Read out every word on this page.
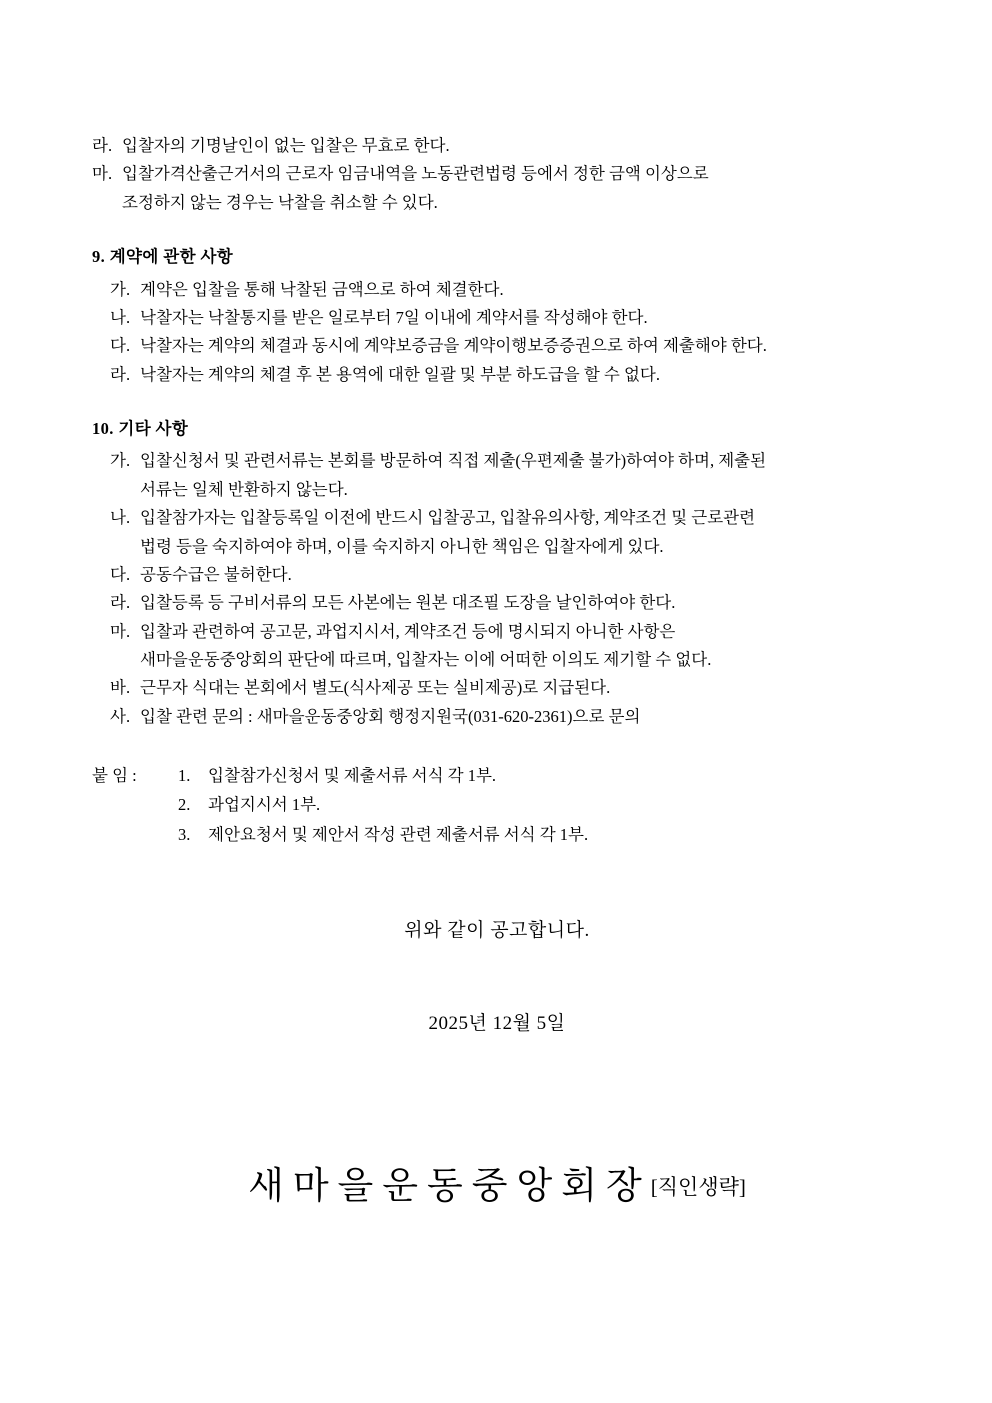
라. 입찰자의 기명날인이 없는 입찰은 무효로 한다.
마. 입찰가격산출근거서의 근로자 임금내역을 노동관련법령 등에서 정한 금액 이상으로
조정하지 않는 경우는 낙찰을 취소할 수 있다.
9. 계약에 관한 사항
가. 계약은 입찰을 통해 낙찰된 금액으로 하여 체결한다.
나. 낙찰자는 낙찰통지를 받은 일로부터 7일 이내에 계약서를 작성해야 한다.
다. 낙찰자는 계약의 체결과 동시에 계약보증금을 계약이행보증증권으로 하여 제출해야 한다.
라. 낙찰자는 계약의 체결 후 본 용역에 대한 일괄 및 부분 하도급을 할 수 없다.
10. 기타 사항
가. 입찰신청서 및 관련서류는 본회를 방문하여 직접 제출(우편제출 불가)하여야 하며, 제출된
서류는 일체 반환하지 않는다.
나. 입찰참가자는 입찰등록일 이전에 반드시 입찰공고, 입찰유의사항, 계약조건 및 근로관련
법령 등을 숙지하여야 하며, 이를 숙지하지 아니한 책임은 입찰자에게 있다.
다. 공동수급은 불허한다.
라. 입찰등록 등 구비서류의 모든 사본에는 원본 대조필 도장을 날인하여야 한다.
마. 입찰과 관련하여 공고문, 과업지시서, 계약조건 등에 명시되지 아니한 사항은
새마을운동중앙회의 판단에 따르며, 입찰자는 이에 어떠한 이의도 제기할 수 없다.
바. 근무자 식대는 본회에서 별도(식사제공 또는 실비제공)로 지급된다.
사. 입찰 관련 문의 : 새마을운동중앙회 행정지원국(031-620-2361)으로 문의
붙 임 :	1.	입찰참가신청서 및 제출서류 서식 각 1부.
2.	과업지시서 1부.
3.	제안요청서 및 제안서 작성 관련 제출서류 서식 각 1부.
위와 같이 공고합니다.
2025년 12월 5일
새마을운동중앙회장[직인생략]
